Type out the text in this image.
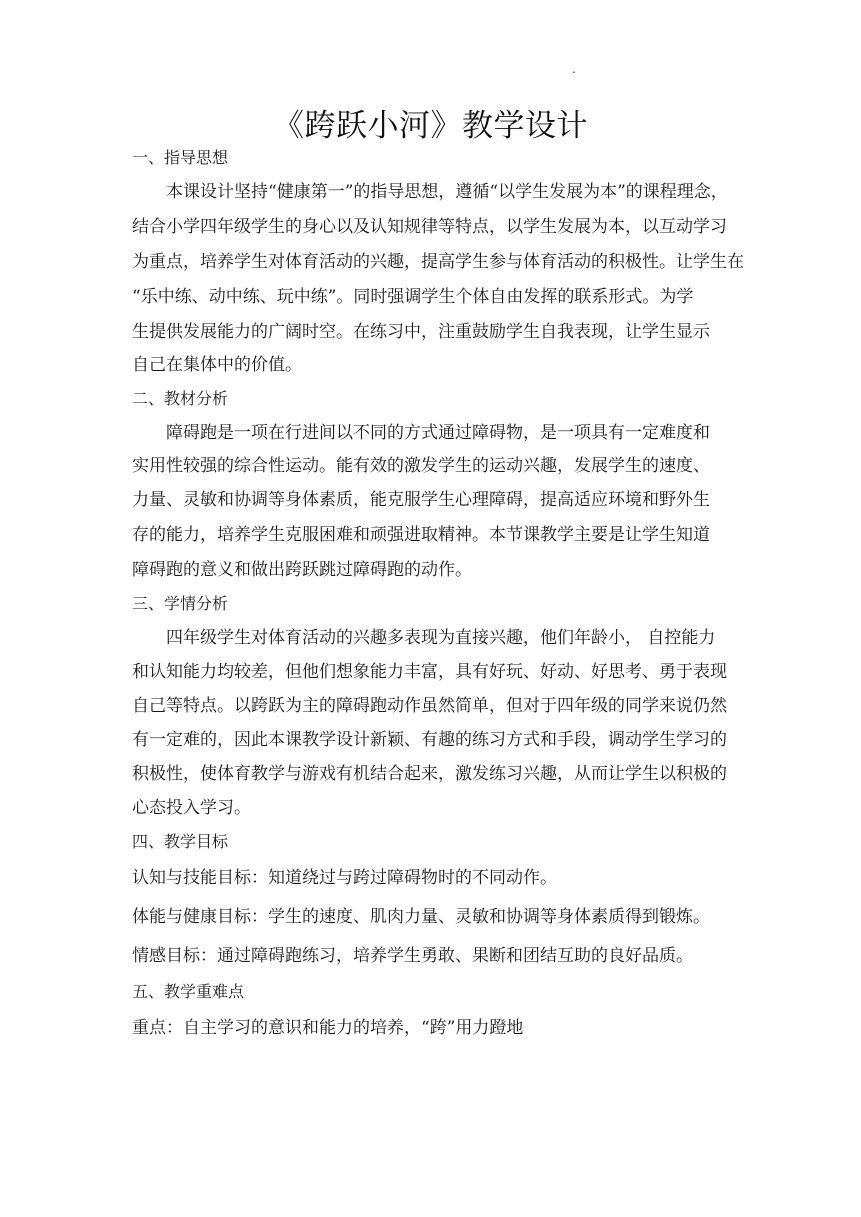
.
《跨跃小河》教学设计
一、指导思想
本课设计坚持“健康第一”的指导思想，遵循“以学生发展为本”的课程理念，
结合小学四年级学生的身心以及认知规律等特点，以学生发展为本，以互动学习
为重点，培养学生对体育活动的兴趣，提高学生参与体育活动的积极性。让学生在
“乐中练、动中练、玩中练”。同时强调学生个体自由发挥的联系形式。为学
生提供发展能力的广阔时空。在练习中，注重鼓励学生自我表现，让学生显示
自己在集体中的价值。
二、教材分析
障碍跑是一项在行进间以不同的方式通过障碍物，是一项具有一定难度和
实用性较强的综合性运动。能有效的激发学生的运动兴趣，发展学生的速度、
力量、灵敏和协调等身体素质，能克服学生心理障碍，提高适应环境和野外生
存的能力，培养学生克服困难和顽强进取精神。本节课教学主要是让学生知道
障碍跑的意义和做出跨跃跳过障碍跑的动作。
三、学情分析
四年级学生对体育活动的兴趣多表现为直接兴趣，他们年龄小， 自控能力
和认知能力均较差，但他们想象能力丰富，具有好玩、好动、好思考、勇于表现
自己等特点。以跨跃为主的障碍跑动作虽然简单，但对于四年级的同学来说仍然
有一定难的，因此本课教学设计新颖、有趣的练习方式和手段，调动学生学习的
积极性，使体育教学与游戏有机结合起来，激发练习兴趣，从而让学生以积极的
心态投入学习。
四、教学目标
认知与技能目标：知道绕过与跨过障碍物时的不同动作。
体能与健康目标：学生的速度、肌肉力量、灵敏和协调等身体素质得到锻炼。
情感目标：通过障碍跑练习，培养学生勇敢、果断和团结互助的良好品质。
五、教学重难点
重点：自主学习的意识和能力的培养，“跨”用力蹬地
